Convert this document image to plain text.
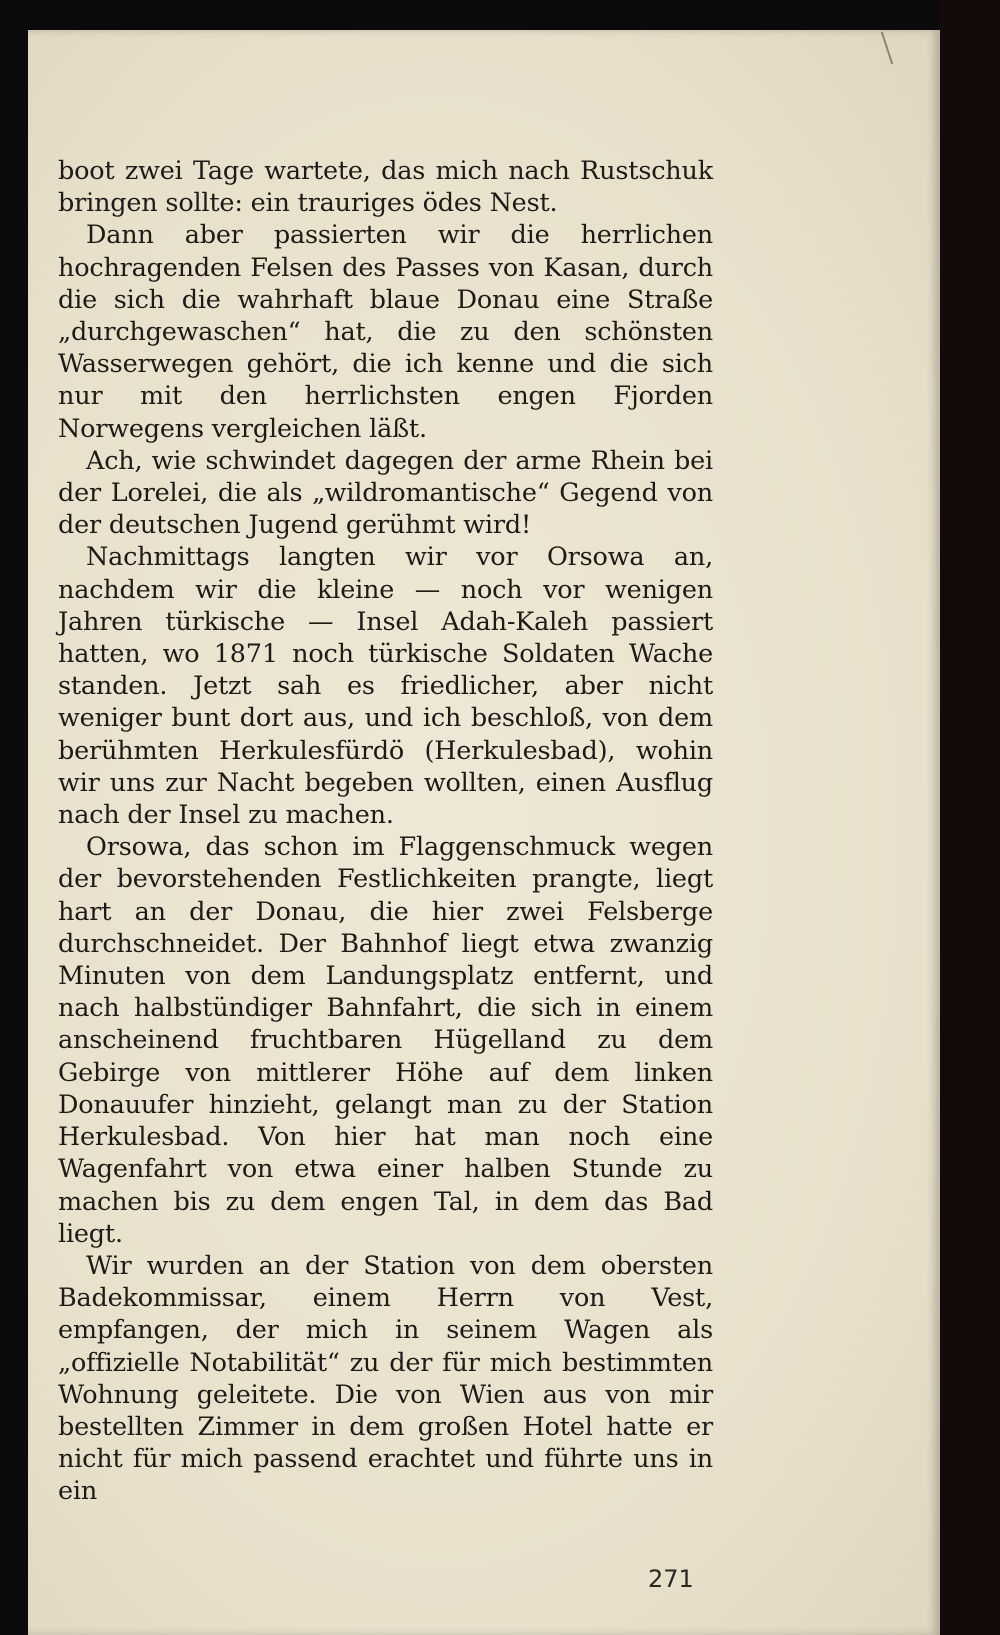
boot zwei Tage wartete, das mich nach Rustschuk bringen sollte: ein trauriges ödes Nest.

Dann aber passierten wir die herrlichen hochragenden Felsen des Passes von Kasan, durch die sich die wahrhaft blaue Donau eine Straße „durchgewaschen“ hat, die zu den schönsten Wasserwegen gehört, die ich kenne und die sich nur mit den herrlichsten engen Fjorden Norwegens vergleichen läßt.

Ach, wie schwindet dagegen der arme Rhein bei der Lorelei, die als „wildromantische“ Gegend von der deutschen Jugend gerühmt wird!

Nachmittags langten wir vor Orsowa an, nachdem wir die kleine — noch vor wenigen Jahren türkische — Insel Adah-Kaleh passiert hatten, wo 1871 noch türkische Soldaten Wache standen. Jetzt sah es friedlicher, aber nicht weniger bunt dort aus, und ich beschloß, von dem berühmten Herkulesfürdö (Herkulesbad), wohin wir uns zur Nacht begeben wollten, einen Ausflug nach der Insel zu machen.

Orsowa, das schon im Flaggenschmuck wegen der bevorstehenden Festlichkeiten prangte, liegt hart an der Donau, die hier zwei Felsberge durchschneidet. Der Bahnhof liegt etwa zwanzig Minuten von dem Landungsplatz entfernt, und nach halbstündiger Bahnfahrt, die sich in einem anscheinend fruchtbaren Hügelland zu dem Gebirge von mittlerer Höhe auf dem linken Donauufer hinzieht, gelangt man zu der Station Herkulesbad. Von hier hat man noch eine Wagenfahrt von etwa einer halben Stunde zu machen bis zu dem engen Tal, in dem das Bad liegt.

Wir wurden an der Station von dem obersten Badekommissar, einem Herrn von Vest, empfangen, der mich in seinem Wagen als „offizielle Notabilität“ zu der für mich bestimmten Wohnung geleitete. Die von Wien aus von mir bestellten Zimmer in dem großen Hotel hatte er nicht für mich passend erachtet und führte uns in ein

271
